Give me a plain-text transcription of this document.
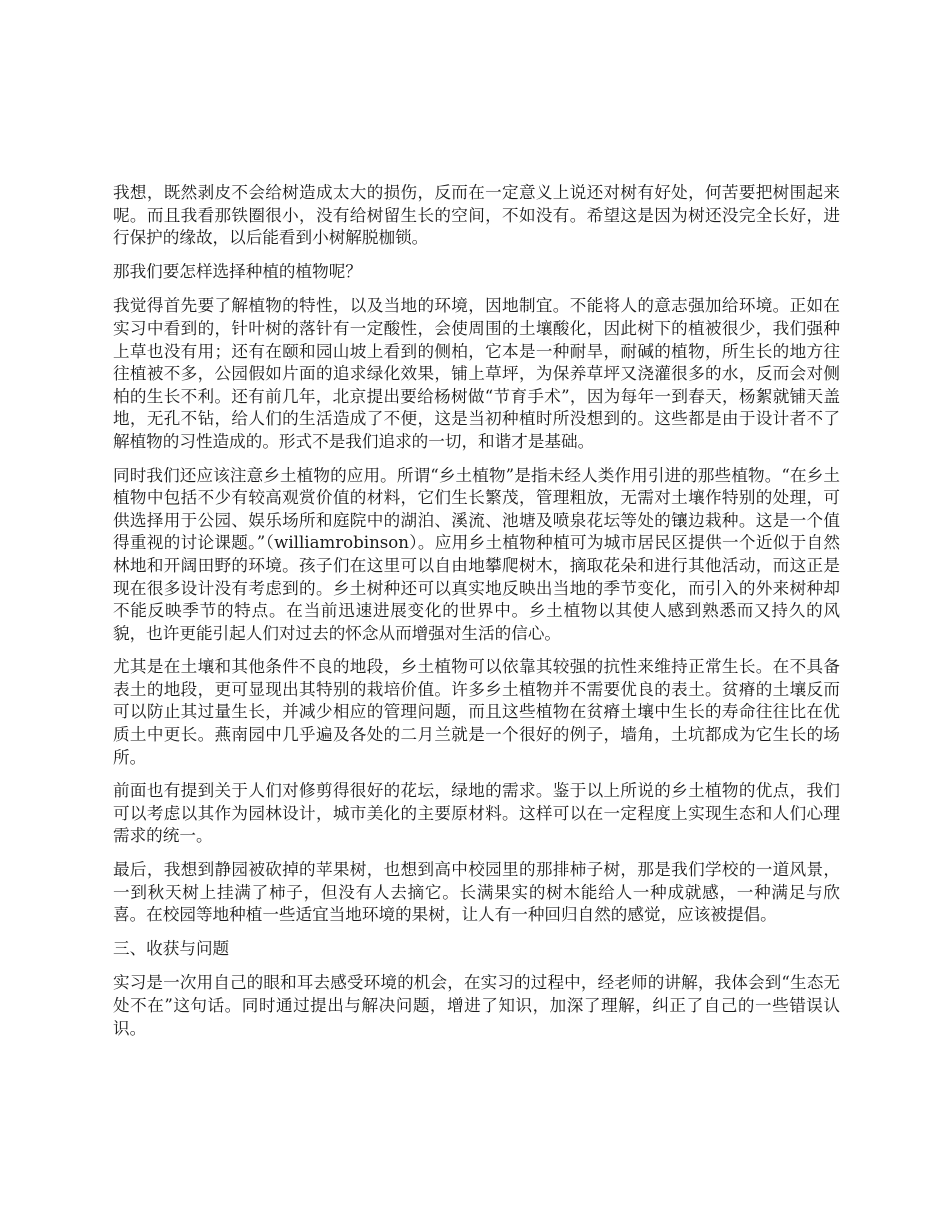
我想，既然剥皮不会给树造成太大的损伤，反而在一定意义上说还对树有好处，何苦要把树围起来呢。而且我看那铁圈很小，没有给树留生长的空间，不如没有。希望这是因为树还没完全长好，进行保护的缘故，以后能看到小树解脱枷锁。

那我们要怎样选择种植的植物呢？

我觉得首先要了解植物的特性，以及当地的环境，因地制宜。不能将人的意志强加给环境。正如在实习中看到的，针叶树的落针有一定酸性，会使周围的土壤酸化，因此树下的植被很少，我们强种上草也没有用；还有在颐和园山坡上看到的侧柏，它本是一种耐旱，耐碱的植物，所生长的地方往往植被不多，公园假如片面的追求绿化效果，铺上草坪，为保养草坪又浇灌很多的水，反而会对侧柏的生长不利。还有前几年，北京提出要给杨树做“节育手术”，因为每年一到春天，杨絮就铺天盖地，无孔不钻，给人们的生活造成了不便，这是当初种植时所没想到的。这些都是由于设计者不了解植物的习性造成的。形式不是我们追求的一切，和谐才是基础。

同时我们还应该注意乡土植物的应用。所谓“乡土植物”是指未经人类作用引进的那些植物。“在乡土植物中包括不少有较高观赏价值的材料，它们生长繁茂，管理粗放，无需对土壤作特别的处理，可供选择用于公园、娱乐场所和庭院中的湖泊、溪流、池塘及喷泉花坛等处的镶边栽种。这是一个值得重视的讨论课题。”（williamrobinson）。应用乡土植物种植可为城市居民区提供一个近似于自然林地和开阔田野的环境。孩子们在这里可以自由地攀爬树木，摘取花朵和进行其他活动，而这正是现在很多设计没有考虑到的。乡土树种还可以真实地反映出当地的季节变化，而引入的外来树种却不能反映季节的特点。在当前迅速进展变化的世界中。乡土植物以其使人感到熟悉而又持久的风貌，也许更能引起人们对过去的怀念从而增强对生活的信心。

尤其是在土壤和其他条件不良的地段，乡土植物可以依靠其较强的抗性来维持正常生长。在不具备表土的地段，更可显现出其特别的栽培价值。许多乡土植物并不需要优良的表土。贫瘠的土壤反而可以防止其过量生长，并减少相应的管理问题，而且这些植物在贫瘠土壤中生长的寿命往往比在优质土中更长。燕南园中几乎遍及各处的二月兰就是一个很好的例子，墙角，土坑都成为它生长的场所。

前面也有提到关于人们对修剪得很好的花坛，绿地的需求。鉴于以上所说的乡土植物的优点，我们可以考虑以其作为园林设计，城市美化的主要原材料。这样可以在一定程度上实现生态和人们心理需求的统一。

最后，我想到静园被砍掉的苹果树，也想到高中校园里的那排柿子树，那是我们学校的一道风景，一到秋天树上挂满了柿子，但没有人去摘它。长满果实的树木能给人一种成就感，一种满足与欣喜。在校园等地种植一些适宜当地环境的果树，让人有一种回归自然的感觉，应该被提倡。

三、收获与问题

实习是一次用自己的眼和耳去感受环境的机会，在实习的过程中，经老师的讲解，我体会到“生态无处不在”这句话。同时通过提出与解决问题，增进了知识，加深了理解，纠正了自己的一些错误认识。
